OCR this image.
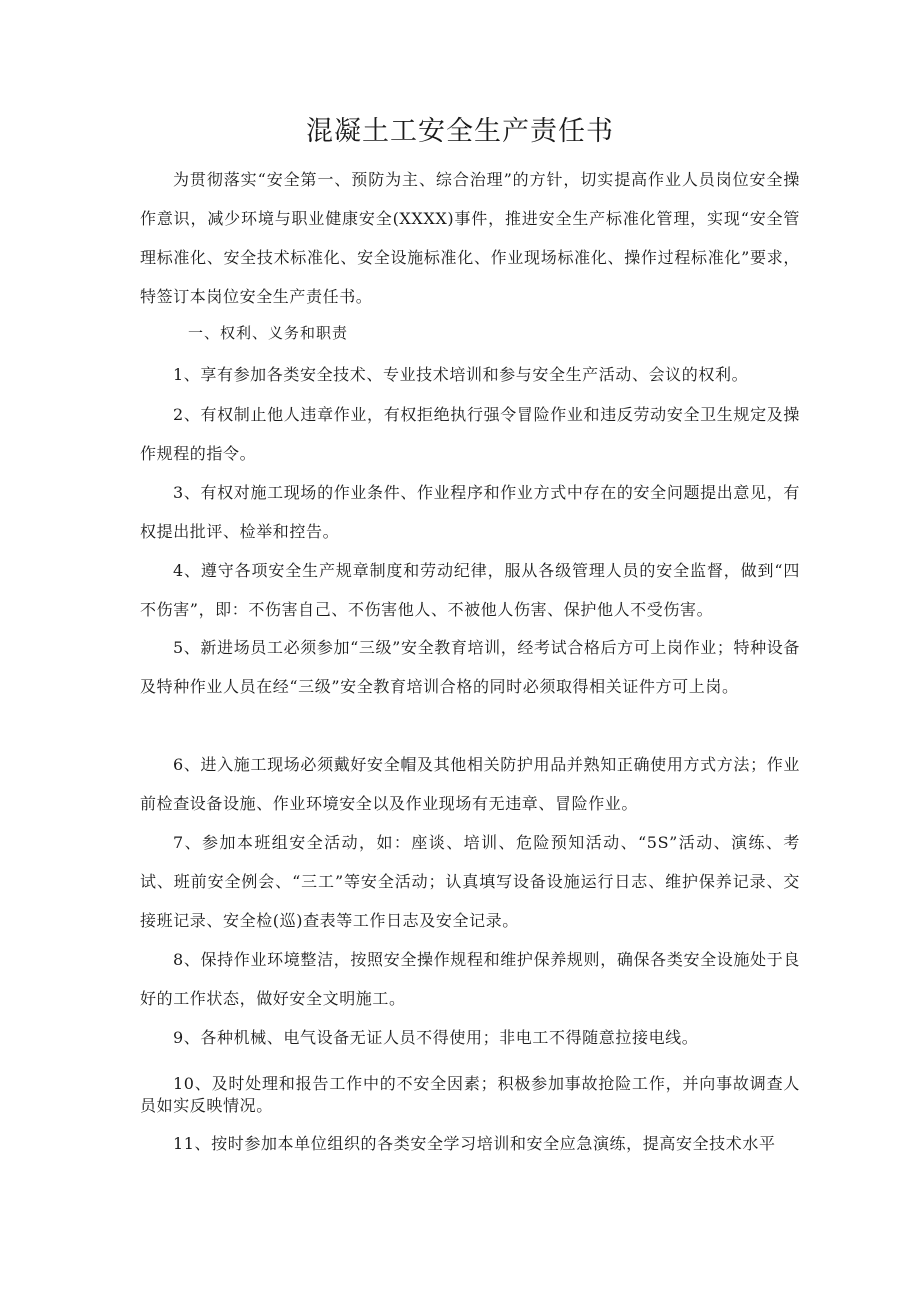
混凝土工安全生产责任书

为贯彻落实“安全第一、预防为主、综合治理”的方针，切实提高作业人员岗位安全操作意识，减少环境与职业健康安全(XXXX)事件，推进安全生产标准化管理，实现“安全管理标准化、安全技术标准化、安全设施标准化、作业现场标准化、操作过程标准化”要求，特签订本岗位安全生产责任书。

一、权利、义务和职责

1、享有参加各类安全技术、专业技术培训和参与安全生产活动、会议的权利。

2、有权制止他人违章作业，有权拒绝执行强令冒险作业和违反劳动安全卫生规定及操作规程的指令。

3、有权对施工现场的作业条件、作业程序和作业方式中存在的安全问题提出意见，有权提出批评、检举和控告。

4、遵守各项安全生产规章制度和劳动纪律，服从各级管理人员的安全监督，做到“四不伤害”，即：不伤害自己、不伤害他人、不被他人伤害、保护他人不受伤害。

5、新进场员工必须参加“三级”安全教育培训，经考试合格后方可上岗作业；特种设备及特种作业人员在经“三级”安全教育培训合格的同时必须取得相关证件方可上岗。

6、进入施工现场必须戴好安全帽及其他相关防护用品并熟知正确使用方式方法；作业前检查设备设施、作业环境安全以及作业现场有无违章、冒险作业。

7、参加本班组安全活动，如：座谈、培训、危险预知活动、“5S”活动、演练、考试、班前安全例会、“三工”等安全活动；认真填写设备设施运行日志、维护保养记录、交接班记录、安全检(巡)查表等工作日志及安全记录。

8、保持作业环境整洁，按照安全操作规程和维护保养规则，确保各类安全设施处于良好的工作状态，做好安全文明施工。

9、各种机械、电气设备无证人员不得使用；非电工不得随意拉接电线。

10、及时处理和报告工作中的不安全因素；积极参加事故抢险工作，并向事故调查人员如实反映情况。

11、按时参加本单位组织的各类安全学习培训和安全应急演练，提高安全技术水平
